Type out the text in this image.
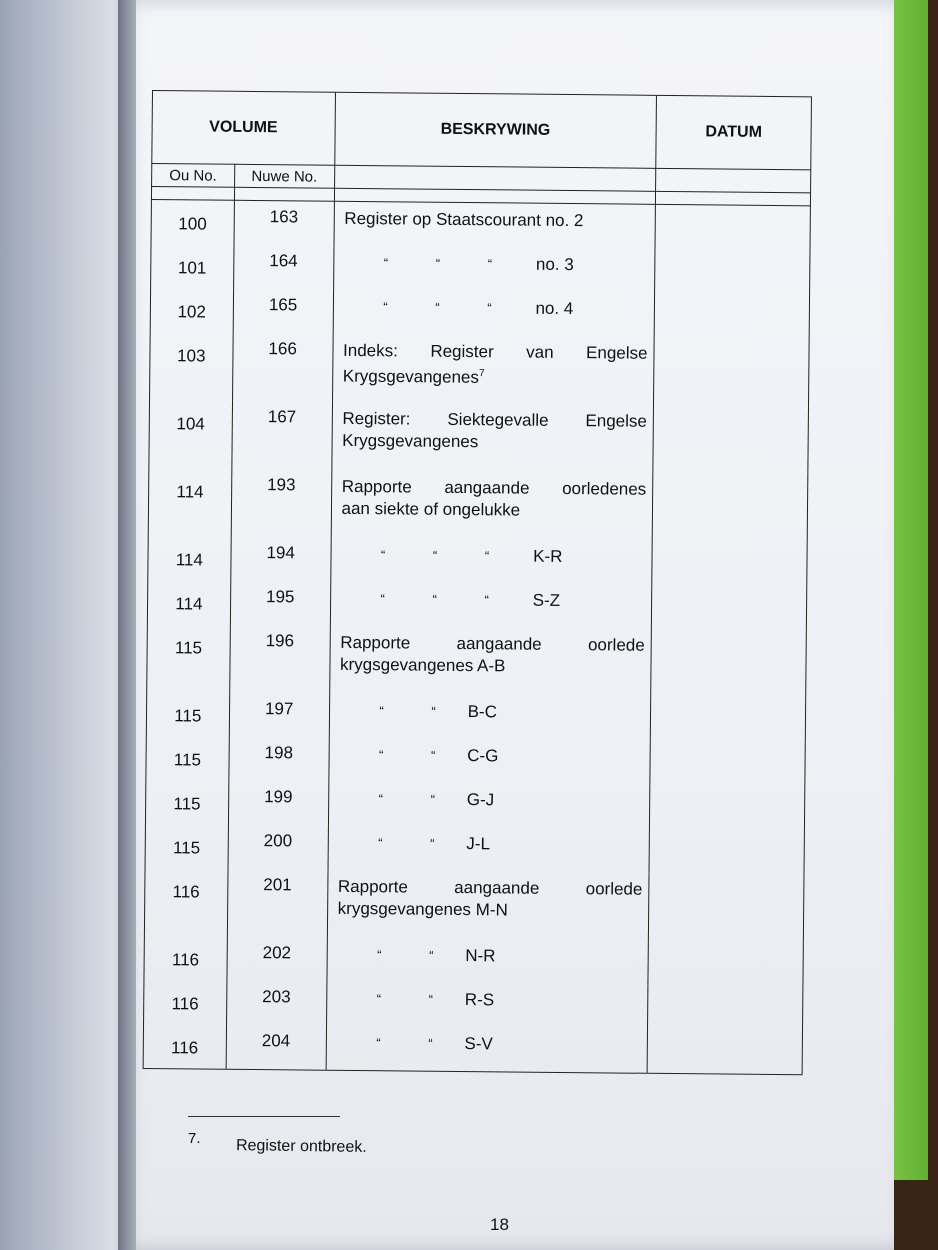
VOLUME		BESKRYWING	DATUM
Ou No.	Nuwe No.		

100	163	Register op Staatscourant no. 2	
101	164	“ “ “ no. 3	

102	165	“ “ “ no. 4	

103	166	Indeks: Register van Engelse
Krygsgevangenes$^7$

104	167	Register: Siektegevalle Engelse
Krygsgevangenes	

114	193	Rapporte aangaande oorledenes
aan siekte of ongelukke	

114	194	“ “ “ K-R	

114	195	“ “ “ S-Z	

115	196	Rapporte aangaande oorlede
krygsgevangenes A-B	

115	197	“ “ B-C	

115	198	“ “ C-G	

115	199	“ “ G-J	

115	200	“ “ J-L	

116	201	Rapporte aangaande oorlede
krygsgevangenes M-N	

116	202	“ “ N-R	

116	203	“ “ R-S	

116	204	“ “ S-V	

7. Register ontbreek.
18
